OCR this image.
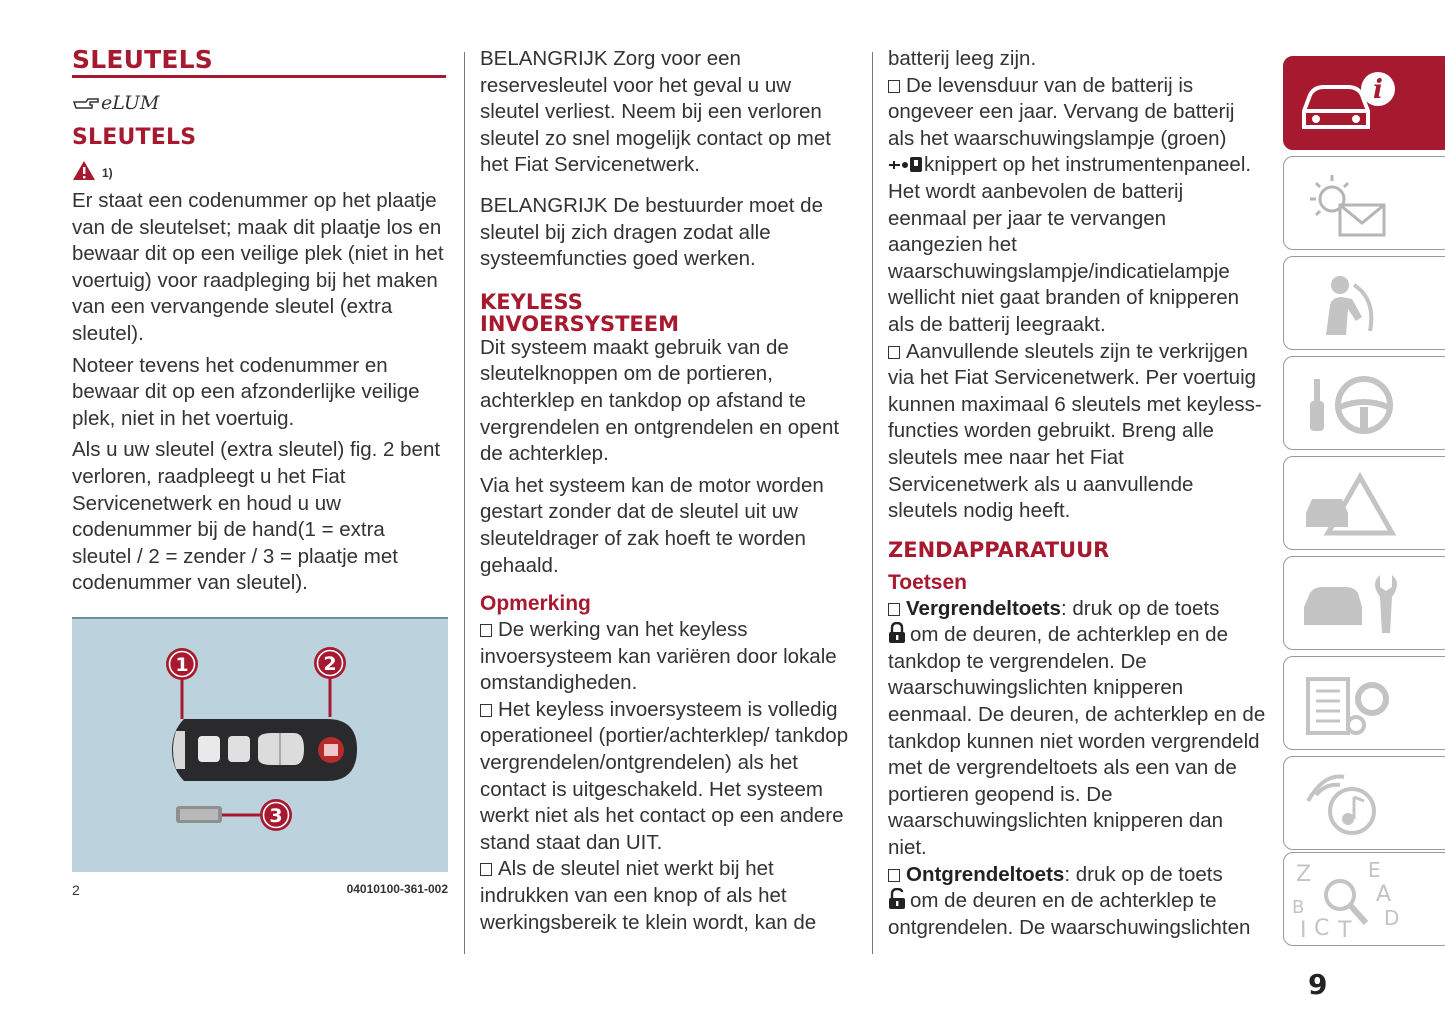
SLEUTELS
eLUM
SLEUTELS
1)

Er staat een codenummer op het plaatje van de sleutelset; maak dit plaatje los en bewaar dit op een veilige plek (niet in het voertuig) voor raadpleging bij het maken van een vervangende sleutel (extra sleutel).

Noteer tevens het codenummer en bewaar dit op een afzonderlijke veilige plek, niet in het voertuig.

Als u uw sleutel (extra sleutel) fig. 2 bent verloren, raadpleegt u het Fiat Servicenetwerk en houd u uw codenummer bij de hand(1 = extra sleutel / 2 = zender / 3 = plaatje met codenummer van sleutel).

1	2
3
2	04010100-361-002

BELANGRIJK Zorg voor een reservesleutel voor het geval u uw sleutel verliest. Neem bij een verloren sleutel zo snel mogelijk contact op met het Fiat Servicenetwerk.

BELANGRIJK De bestuurder moet de sleutel bij zich dragen zodat alle systeemfuncties goed werken.

KEYLESS
INVOERSYSTEEM

Dit systeem maakt gebruik van de sleutelknoppen om de portieren, achterklep en tankdop op afstand te vergrendelen en ontgrendelen en opent de achterklep.

Via het systeem kan de motor worden gestart zonder dat de sleutel uit uw sleuteldrager of zak hoeft te worden gehaald.

Opmerking

De werking van het keyless invoersysteem kan variëren door lokale omstandigheden.

Het keyless invoersysteem is volledig operationeel (portier/achterklep/ tankdop vergrendelen/ontgrendelen) als het contact is uitgeschakeld. Het systeem werkt niet als het contact op een andere stand staat dan UIT.

Als de sleutel niet werkt bij het indrukken van een knop of als het werkingsbereik te klein wordt, kan de

batterij leeg zijn.

De levensduur van de batterij is ongeveer een jaar. Vervang de batterij als het waarschuwingslampje (groen) knippert op het instrumentenpaneel. Het wordt aanbevolen de batterij eenmaal per jaar te vervangen aangezien het waarschuwingslampje/indicatielampje wellicht niet gaat branden of knipperen als de batterij leegraakt.

Aanvullende sleutels zijn te verkrijgen via het Fiat Servicenetwerk. Per voertuig kunnen maximaal 6 sleutels met keyless-functies worden gebruikt. Breng alle sleutels mee naar het Fiat Servicenetwerk als u aanvullende sleutels nodig heeft.

ZENDAPPARATUUR
Toetsen

Vergrendeltoets: druk op de toets
om de deuren, de achterklep en de tankdop te vergrendelen. De waarschuwingslichten knipperen eenmaal. De deuren, de achterklep en de tankdop kunnen niet worden vergrendeld met de vergrendeltoets als een van de portieren geopend is. De waarschuwingslichten knipperen dan niet.

Ontgrendeltoets: druk op de toets
om de deuren en de achterklep te ontgrendelen. De waarschuwingslichten

i
Z	E
A
D
B
I C T
9
